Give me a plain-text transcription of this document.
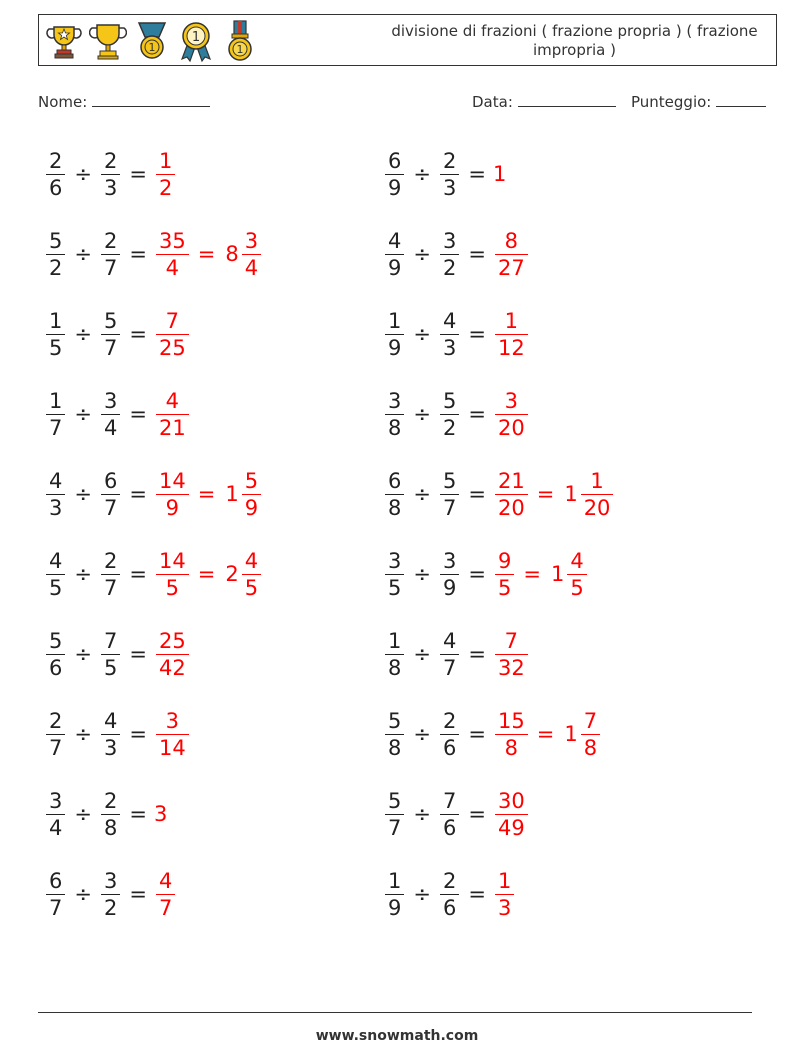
1
1
1
divisione di frazioni ( frazione propria ) ( frazione impropria )
Nome:	Data:	Punteggio:
$\frac{2}{6} \div \frac{2}{3} = \frac{1}{2}$	$\frac{6}{9} \div \frac{2}{3} = 1$
$\frac{5}{2} \div \frac{2}{7} = \frac{35}{4} = 8 \frac{3}{4}$	$\frac{4}{9} \div \frac{3}{2} = \frac{8}{27}$
$\frac{1}{5} \div \frac{5}{7} = \frac{7}{25}$	$\frac{1}{9} \div \frac{4}{3} = \frac{1}{12}$
$\frac{1}{7} \div \frac{3}{4} = \frac{4}{21}$	$\frac{3}{8} \div \frac{5}{2} = \frac{3}{20}$
$\frac{4}{3} \div \frac{6}{7} = \frac{14}{9} = 1 \frac{5}{9}$	$\frac{6}{8} \div \frac{5}{7} = \frac{21}{20} = 1 \frac{1}{20}$
$\frac{4}{5} \div \frac{2}{7} = \frac{14}{5} = 2 \frac{4}{5}$	$\frac{3}{5} \div \frac{3}{9} = \frac{9}{5} = 1 \frac{4}{5}$
$\frac{5}{6} \div \frac{7}{5} = \frac{25}{42}$	$\frac{1}{8} \div \frac{4}{7} = \frac{7}{32}$
$\frac{2}{7} \div \frac{4}{3} = \frac{3}{14}$	$\frac{5}{8} \div \frac{2}{6} = \frac{15}{8} = 1 \frac{7}{8}$
$\frac{3}{4} \div \frac{2}{8} = 3$	$\frac{5}{7} \div \frac{7}{6} = \frac{30}{49}$
$\frac{6}{7} \div \frac{3}{2} = \frac{4}{7}$	$\frac{1}{9} \div \frac{2}{6} = \frac{1}{3}$
www.snowmath.com
